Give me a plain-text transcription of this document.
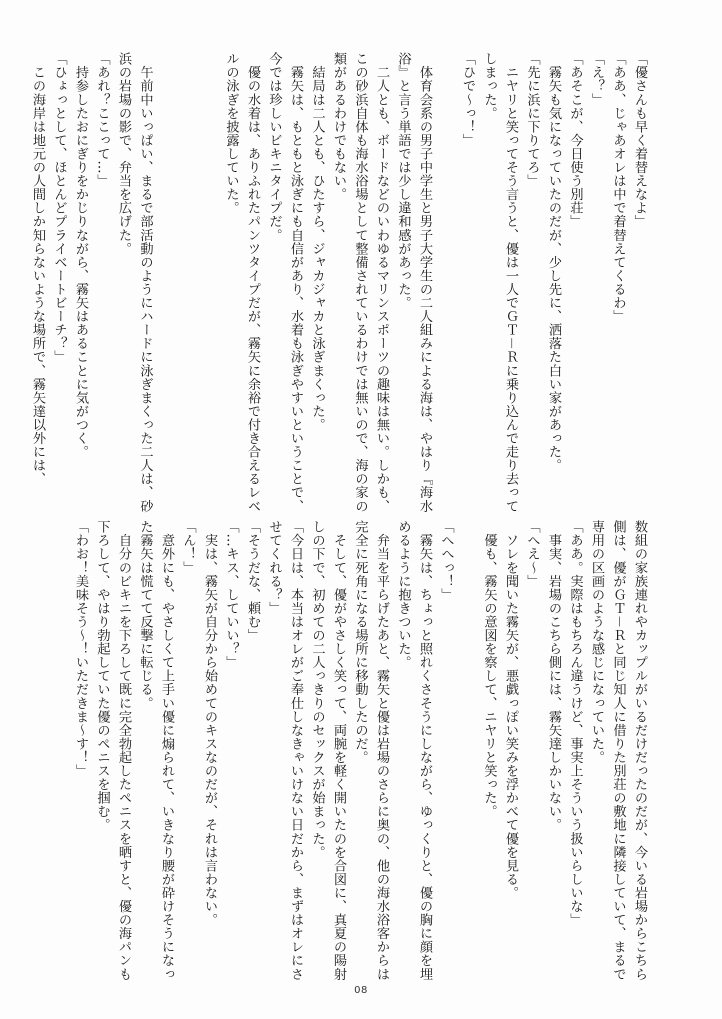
「優さんも早く着替えなよ」
「ああ、じゃあオレは中で着替えてくるわ」
「え？」
「あそこが、今日使う別荘」
　霧矢も気になっていたのだが、少し先に、洒落た白い家があった。
「先に浜に下りてろ」
　ニヤリと笑ってそう言うと、優は一人でＧＴ－Ｒに乗り込んで走り去って
しまった。
「ひで～っ！」
　体育会系の男子中学生と男子大学生の二人組みによる海は、やはり『海水
浴』と言う単語では少し違和感があった。
　二人とも、ボードなどのいわゆるマリンスポーツの趣味は無い。しかも、
この砂浜自体も海水浴場として整備されているわけでは無いので、海の家の
類があるわけでもない。
　結局は二人とも、ひたすら、ジャカジャカと泳ぎまくった。
　霧矢は、もともと泳ぎにも自信があり、水着も泳ぎやすいということで、
今では珍しいビキニタイプだ。
　優の水着は、ありふれたパンツタイプだが、霧矢に余裕で付き合えるレベ
ルの泳ぎを披露していた。
　午前中いっぱい、まるで部活動のようにハードに泳ぎまくった二人は、砂
浜の岩場の影で、弁当を広げた。
「あれ？ここって…」
　持参したおにぎりをかじりながら、霧矢はあることに気がつく。
「ひょっとして、ほとんどプライベートビーチ？」
　この海岸は地元の人間しか知らないような場所で、霧矢達以外には、
数組の家族連れやカップルがいるだけだったのだが、今いる岩場からこちら
側は、優がＧＴ－Ｒと同じ知人に借りた別荘の敷地に隣接していて、まるで
専用の区画のような感じになっていた。
「ああ。実際はもちろん違うけど、事実上そういう扱いらしいな」
　事実、岩場のこちら側には、霧矢達しかいない。
「へえ～」
　ソレを聞いた霧矢が、悪戯っぽい笑みを浮かべて優を見る。
　優も、霧矢の意図を察して、ニヤリと笑った。
「へへっ！」
　霧矢は、ちょっと照れくさそうにしながら、ゆっくりと、優の胸に顔を埋
めるように抱きついた。
　弁当を平らげたあと、霧矢と優は岩場のさらに奥の、他の海水浴客からは
完全に死角になる場所に移動したのだ。
　そして、優がやさしく笑って、両腕を軽く開いたのを合図に、真夏の陽射
しの下で、初めての二人っきりのセックスが始まった。
「今日は、本当はオレがご奉仕しなきゃいけない日だから、まずはオレにさ
せてくれる？」
「そうだな、頼む」
「…キス、していい？」
　実は、霧矢が自分から始めてのキスなのだが、それは言わない。
「ん！」
　意外にも、やさしくて上手い優に煽られて、いきなり腰が砕けそうになっ
た霧矢は慌てて反撃に転じる。
　自分のビキニを下ろして既に完全勃起したペニスを晒すと、優の海パンも
下ろして、やはり勃起していた優のペニスを掴む。
「わお！美味そう～！いただきま～す！」
08
